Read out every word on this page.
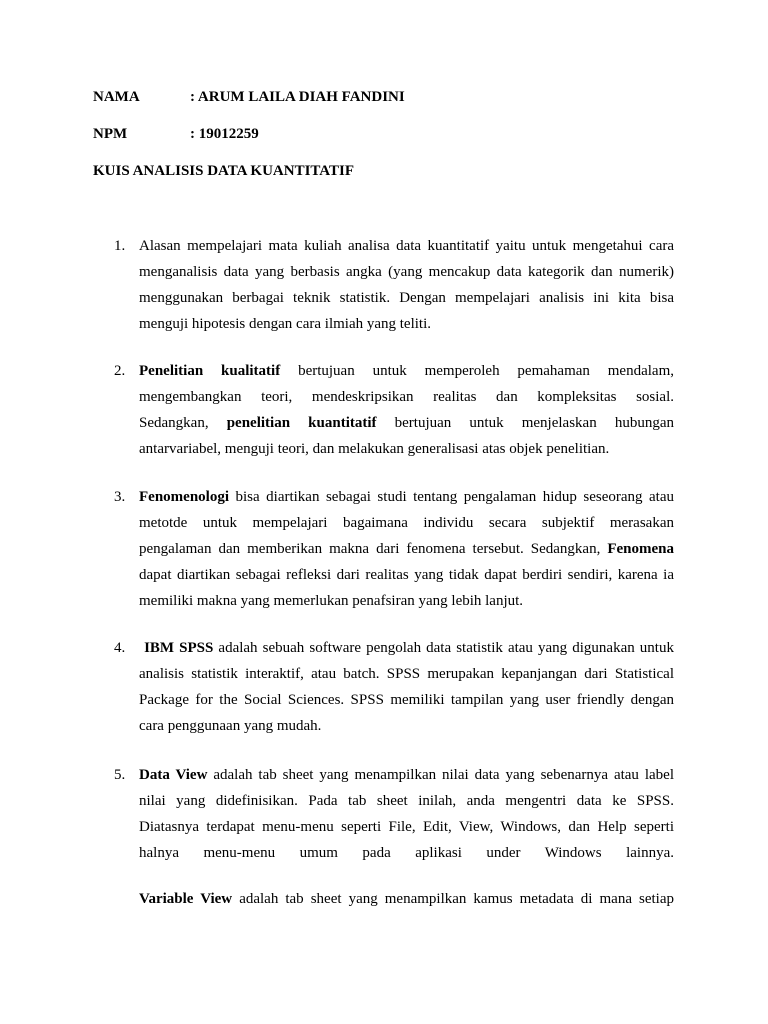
NAMA	: ARUM LAILA DIAH FANDINI
NPM	: 19012259
KUIS ANALISIS DATA KUANTITATIF
1. Alasan mempelajari mata kuliah analisa data kuantitatif yaitu untuk mengetahui cara
menganalisis data yang berbasis angka (yang mencakup data kategorik dan numerik)
menggunakan berbagai teknik statistik. Dengan mempelajari analisis ini kita bisa
menguji hipotesis dengan cara ilmiah yang teliti.
2. Penelitian kualitatif bertujuan untuk memperoleh pemahaman mendalam,
mengembangkan teori, mendeskripsikan realitas dan kompleksitas sosial.
Sedangkan, penelitian kuantitatif bertujuan untuk menjelaskan hubungan
antarvariabel, menguji teori, dan melakukan generalisasi atas objek penelitian.
3. Fenomenologi bisa diartikan sebagai studi tentang pengalaman hidup seseorang atau
metotde untuk mempelajari bagaimana individu secara subjektif merasakan
pengalaman dan memberikan makna dari fenomena tersebut. Sedangkan, Fenomena
dapat diartikan sebagai refleksi dari realitas yang tidak dapat berdiri sendiri, karena ia
memiliki makna yang memerlukan penafsiran yang lebih lanjut.
4. IBM SPSS adalah sebuah software pengolah data statistik atau yang digunakan untuk
analisis statistik interaktif, atau batch. SPSS merupakan kepanjangan dari Statistical
Package for the Social Sciences. SPSS memiliki tampilan yang user friendly dengan
cara penggunaan yang mudah.
5. Data View adalah tab sheet yang menampilkan nilai data yang sebenarnya atau label
nilai yang didefinisikan. Pada tab sheet inilah, anda mengentri data ke SPSS.
Diatasnya terdapat menu-menu seperti File, Edit, View, Windows, dan Help seperti
halnya menu-menu umum pada aplikasi under Windows lainnya.
Variable View adalah tab sheet yang menampilkan kamus metadata di mana setiap
